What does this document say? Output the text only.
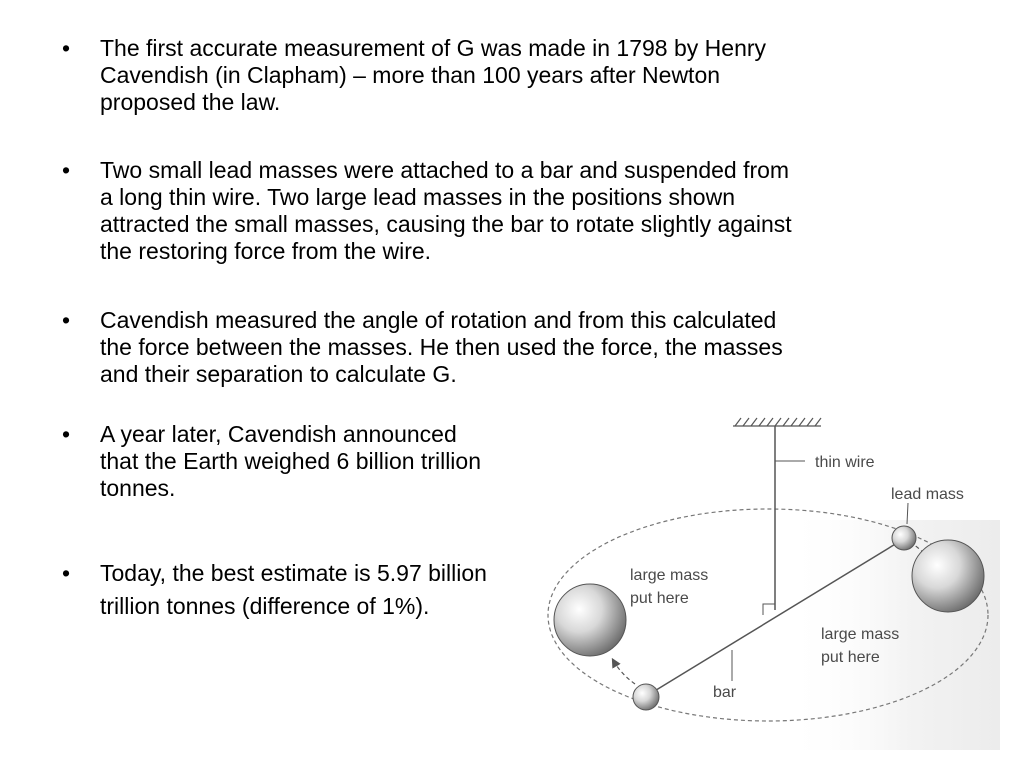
•	The first accurate measurement of G was made in 1798 by Henry
Cavendish (in Clapham) – more than 100 years after Newton
proposed the law.
•	Two small lead masses were attached to a bar and suspended from
a long thin wire. Two large lead masses in the positions shown
attracted the small masses, causing the bar to rotate slightly against
the restoring force from the wire.
•	Cavendish measured the angle of rotation and from this calculated
the force between the masses. He then used the force, the masses
and their separation to calculate G.
•	A year later, Cavendish announced
that the Earth weighed 6 billion trillion
tonnes.
•	Today, the best estimate is 5.97 billion
trillion tonnes (difference of 1%).
thin wire
lead mass
large mass
put here
large mass
put here
bar
